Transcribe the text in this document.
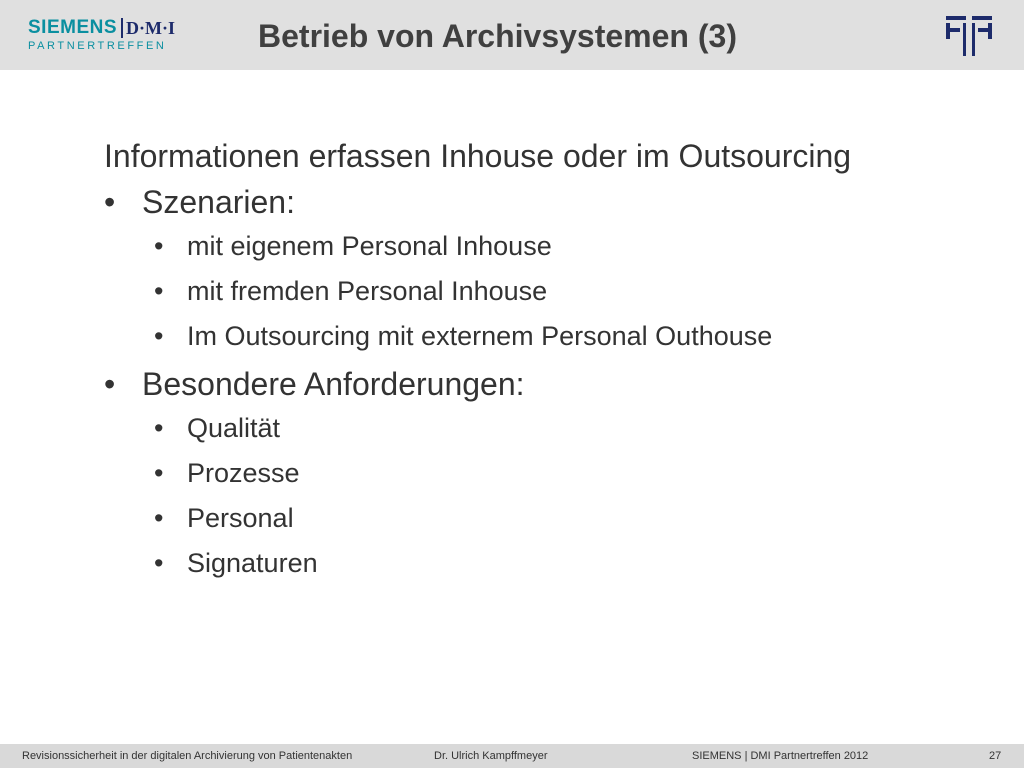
SIEMENS D·M·I
PARTNERTREFFEN	Betrieb von Archivsystemen (3)
Informationen erfassen Inhouse oder im Outsourcing
• Szenarien:
• mit eigenem Personal Inhouse
• mit fremden Personal Inhouse
• Im Outsourcing mit externem Personal Outhouse
• Besondere Anforderungen:
• Qualität
• Prozesse
• Personal
• Signaturen
Revisionssicherheit in der digitalen Archivierung von Patientenakten	Dr. Ulrich Kampffmeyer	SIEMENS | DMI Partnertreffen 2012	27
